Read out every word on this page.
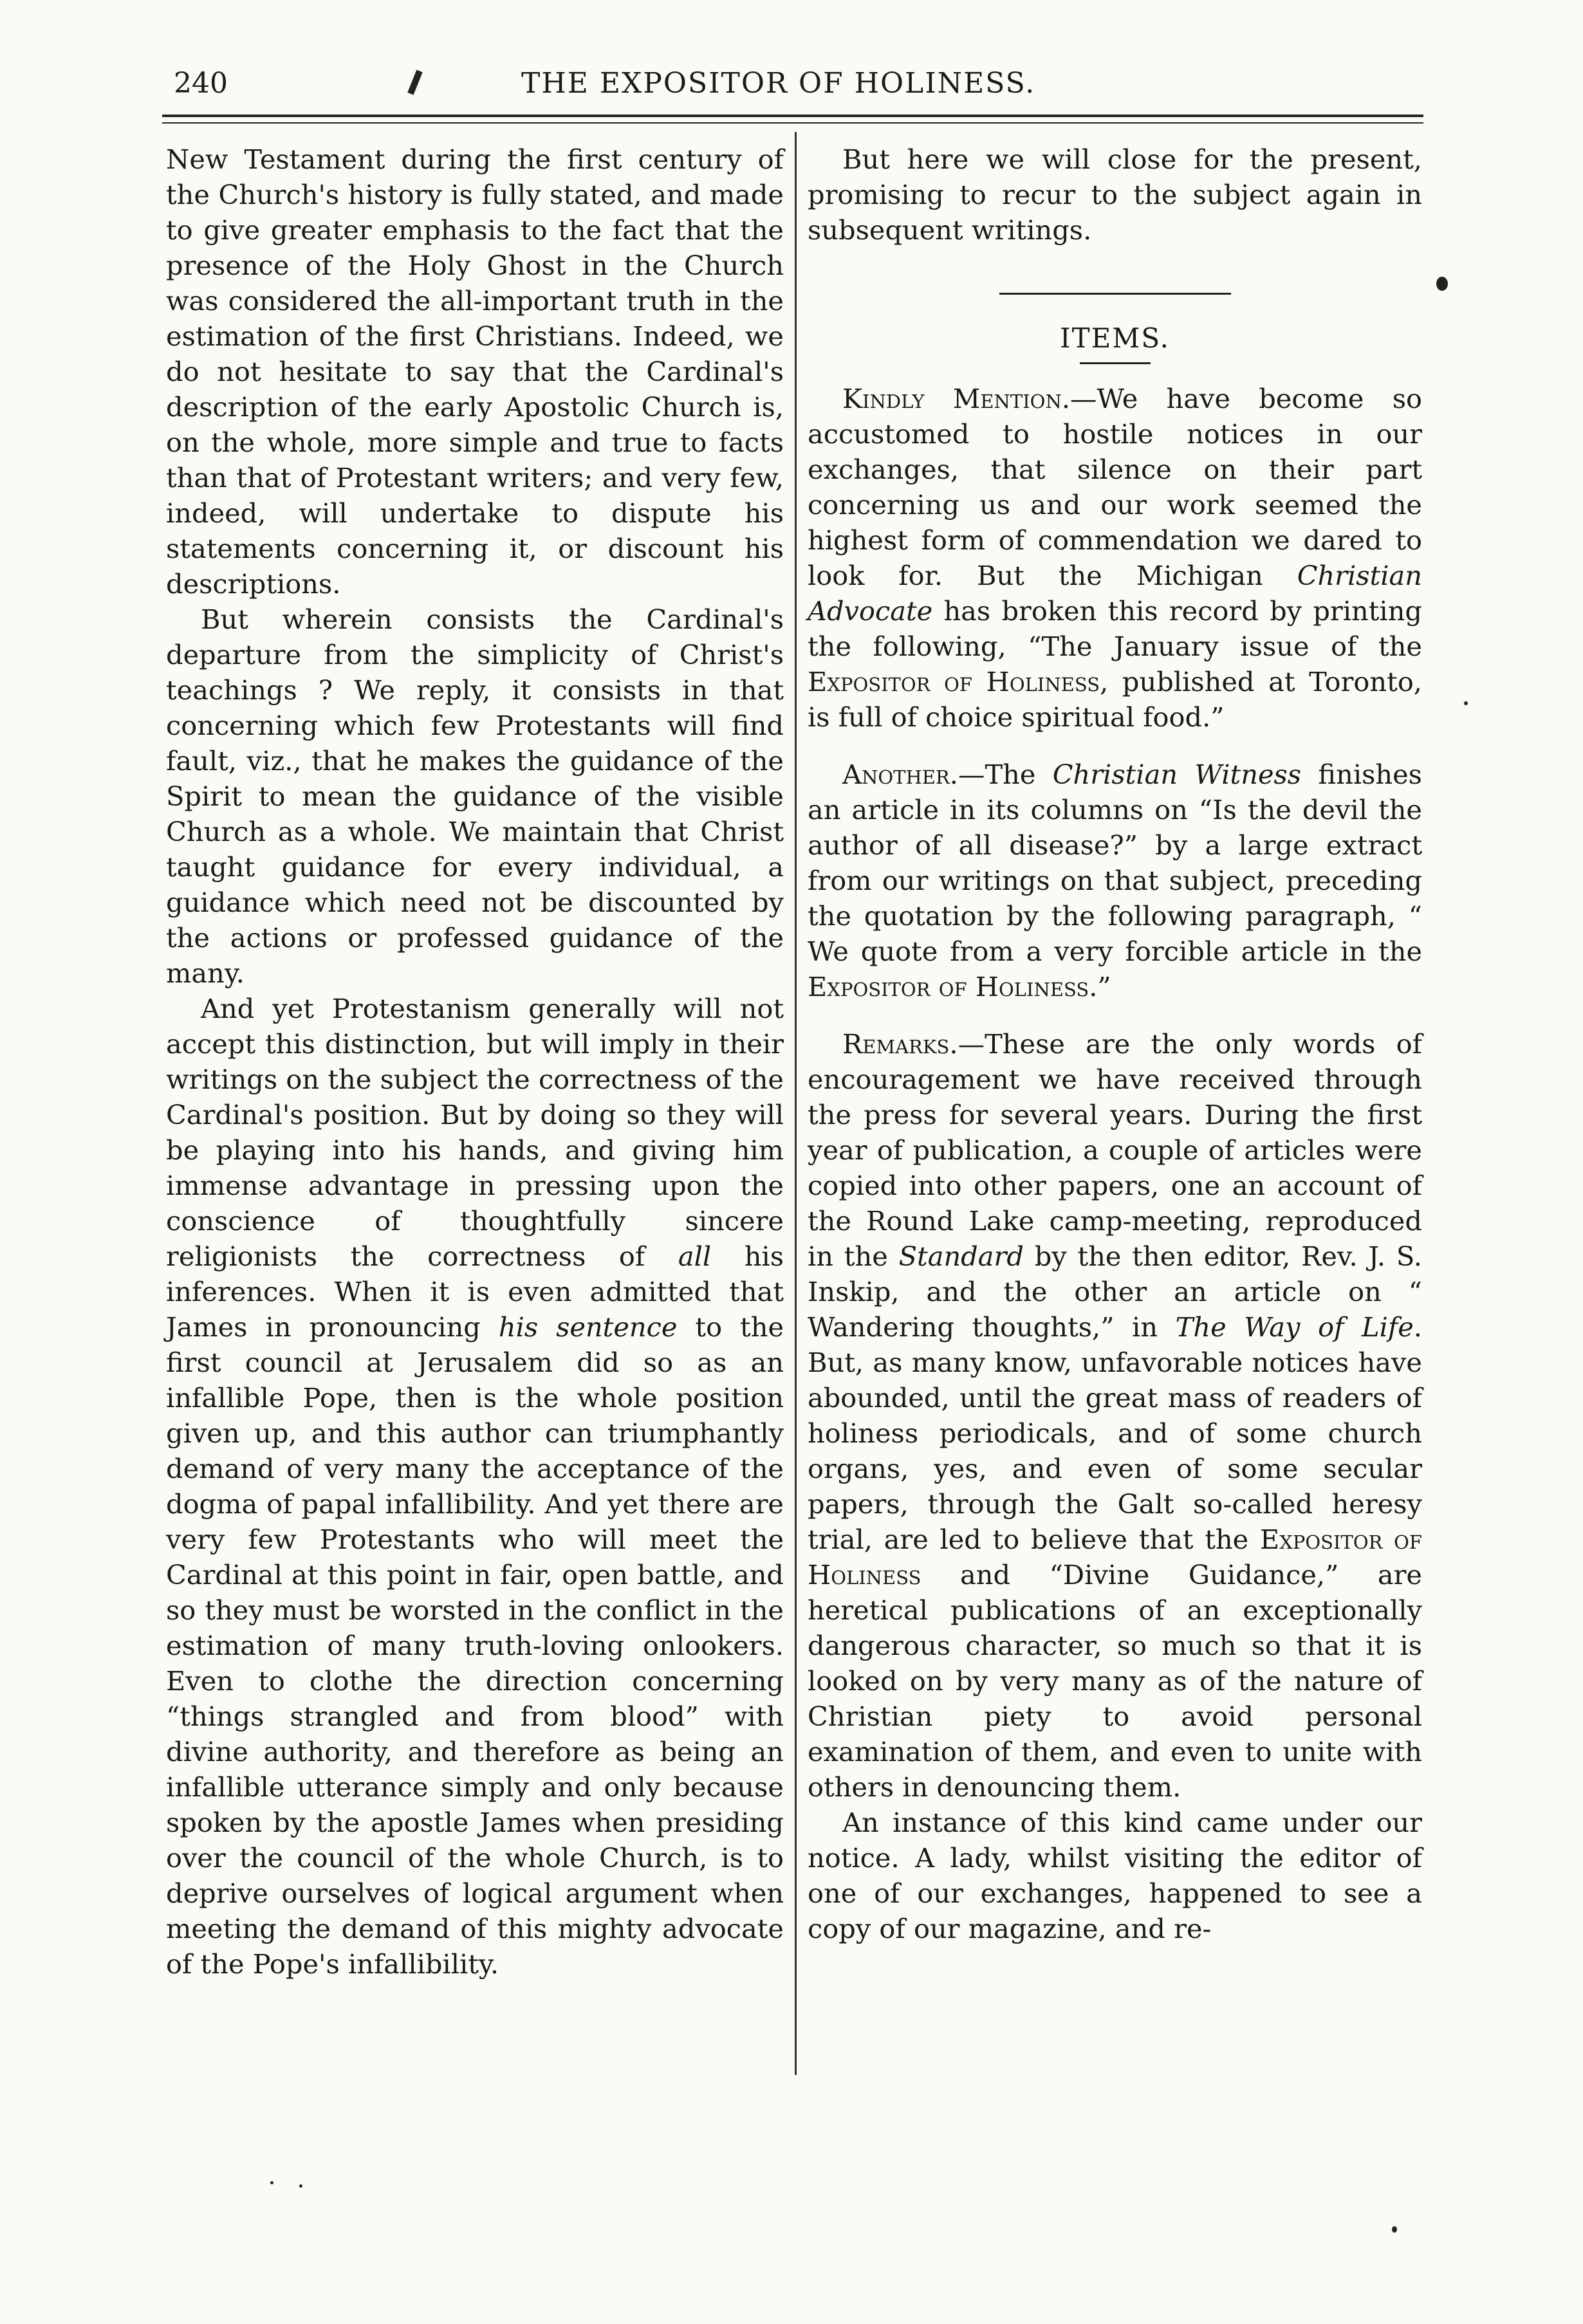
240	THE EXPOSITOR OF HOLINESS.

New Testament during the first century of the Church's history is fully stated, and made to give greater emphasis to the fact that the presence of the Holy Ghost in the Church was considered the all-important truth in the estimation of the first Christians. Indeed, we do not hesitate to say that the Cardinal's description of the early Apostolic Church is, on the whole, more simple and true to facts than that of Protestant writers; and very few, indeed, will undertake to dispute his statements concerning it, or discount his descriptions.

But wherein consists the Cardinal's departure from the simplicity of Christ's teachings ? We reply, it consists in that concerning which few Protestants will find fault, viz., that he makes the guidance of the Spirit to mean the guidance of the visible Church as a whole. We maintain that Christ taught guidance for every individual, a guidance which need not be discounted by the actions or professed guidance of the many.

And yet Protestanism generally will not accept this distinction, but will imply in their writings on the subject the correctness of the Cardinal's position. But by doing so they will be playing into his hands, and giving him immense advantage in pressing upon the conscience of thoughtfully sincere religionists the correctness of all his inferences. When it is even admitted that James in pronouncing his sentence to the first council at Jerusalem did so as an infallible Pope, then is the whole position given up, and this author can triumphantly demand of very many the acceptance of the dogma of papal infallibility. And yet there are very few Protestants who will meet the Cardinal at this point in fair, open battle, and so they must be worsted in the conflict in the estimation of many truth-loving onlookers. Even to clothe the direction concerning “things strangled and from blood” with divine authority, and therefore as being an infallible utterance simply and only because spoken by the apostle James when presiding over the council of the whole Church, is to deprive ourselves of logical argument when meeting the demand of this mighty advocate of the Pope's infallibility.

But here we will close for the present, promising to recur to the subject again in subsequent writings.

ITEMS.

Kindly Mention.—We have become so accustomed to hostile notices in our exchanges, that silence on their part concerning us and our work seemed the highest form of commendation we dared to look for. But the Michigan Christian Advocate has broken this record by printing the following, “The January issue of the Expositor of Holiness, published at Toronto, is full of choice spiritual food.”

Another.—The Christian Witness finishes an article in its columns on “Is the devil the author of all disease?” by a large extract from our writings on that subject, preceding the quotation by the following paragraph, “ We quote from a very forcible article in the Expositor of Holiness.”

Remarks.—These are the only words of encouragement we have received through the press for several years. During the first year of publication, a couple of articles were copied into other papers, one an account of the Round Lake camp-meeting, reproduced in the Standard by the then editor, Rev. J. S. Inskip, and the other an article on “ Wandering thoughts,” in The Way of Life. But, as many know, unfavorable notices have abounded, until the great mass of readers of holiness periodicals, and of some church organs, yes, and even of some secular papers, through the Galt so-called heresy trial, are led to believe that the Expositor of Holiness and “Divine Guidance,” are heretical publications of an exceptionally dangerous character, so much so that it is looked on by very many as of the nature of Christian piety to avoid personal examination of them, and even to unite with others in denouncing them.

An instance of this kind came under our notice. A lady, whilst visiting the editor of one of our exchanges, happened to see a copy of our magazine, and re-
